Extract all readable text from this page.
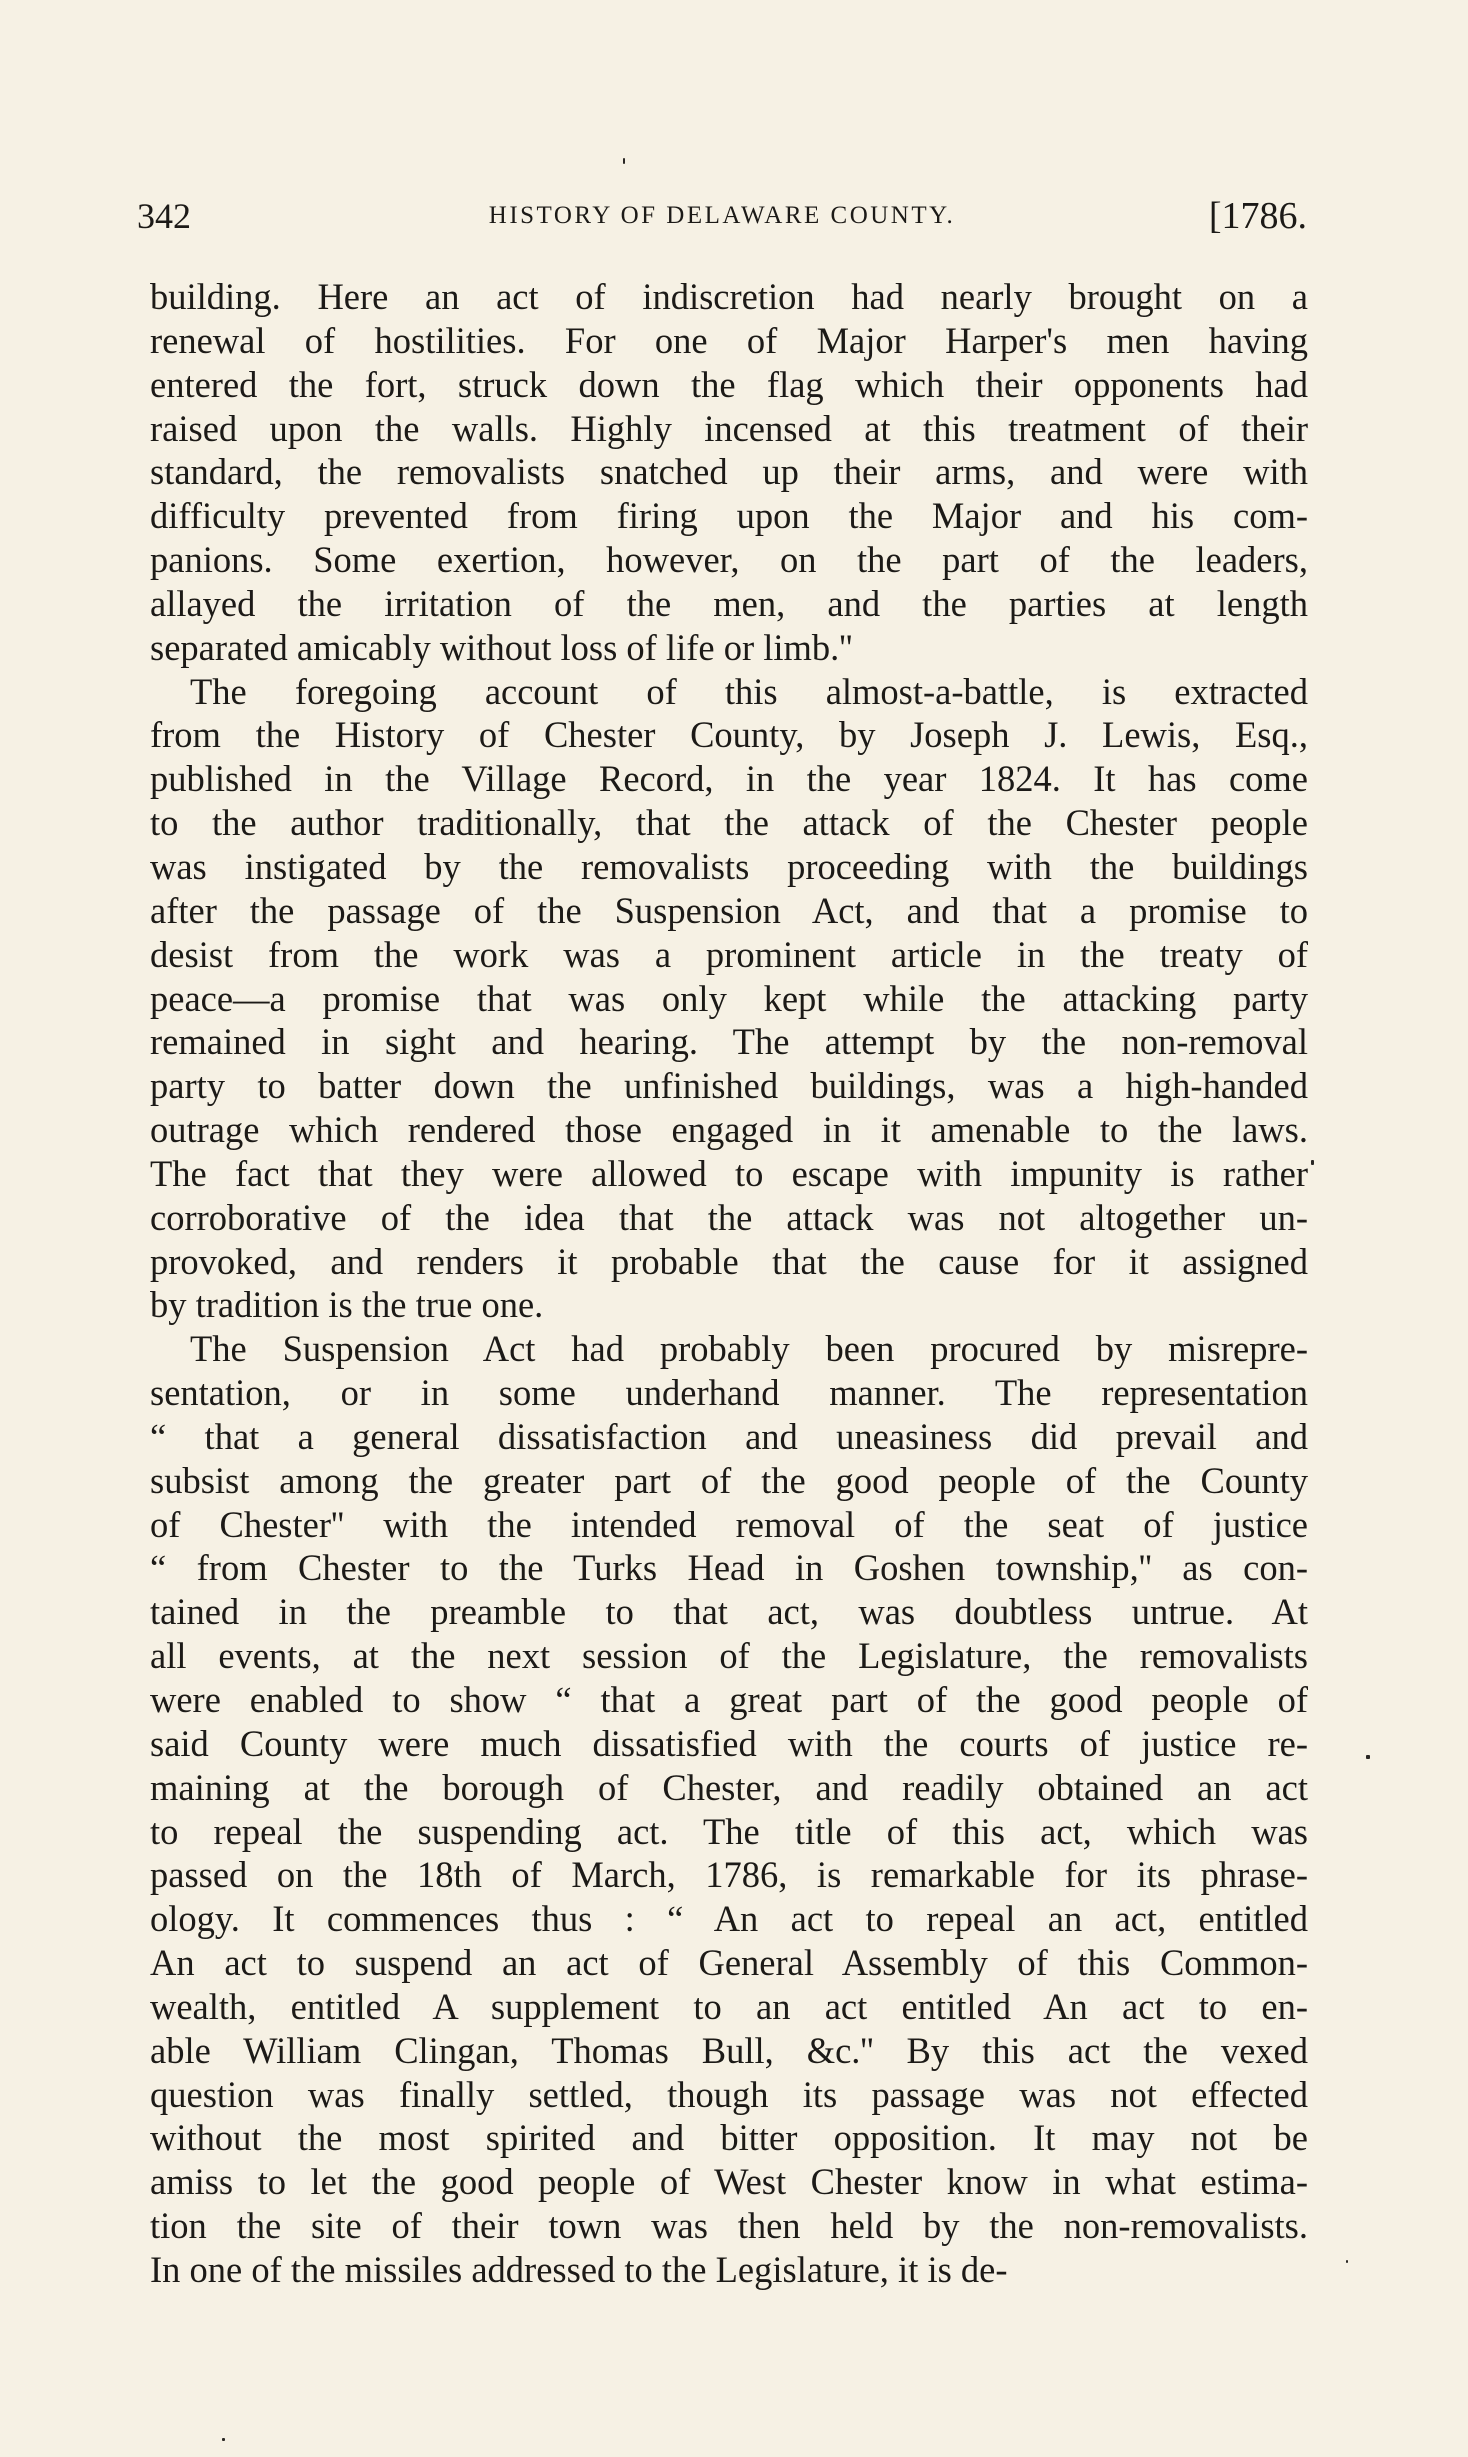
342	HISTORY OF DELAWARE COUNTY.	[1786.
building. Here an act of indiscretion had nearly brought on a
renewal of hostilities. For one of Major Harper's men having
entered the fort, struck down the flag which their opponents had
raised upon the walls. Highly incensed at this treatment of their
standard, the removalists snatched up their arms, and were with
difficulty prevented from firing upon the Major and his com-
panions. Some exertion, however, on the part of the leaders,
allayed the irritation of the men, and the parties at length
separated amicably without loss of life or limb.''
The foregoing account of this almost-a-battle, is extracted
from the History of Chester County, by Joseph J. Lewis, Esq.,
published in the Village Record, in the year 1824. It has come
to the author traditionally, that the attack of the Chester people
was instigated by the removalists proceeding with the buildings
after the passage of the Suspension Act, and that a promise to
desist from the work was a prominent article in the treaty of
peace—a promise that was only kept while the attacking party
remained in sight and hearing. The attempt by the non-removal
party to batter down the unfinished buildings, was a high-handed
outrage which rendered those engaged in it amenable to the laws.
The fact that they were allowed to escape with impunity is rather
corroborative of the idea that the attack was not altogether un-
provoked, and renders it probable that the cause for it assigned
by tradition is the true one.
The Suspension Act had probably been procured by misrepre-
sentation, or in some underhand manner. The representation
“ that a general dissatisfaction and uneasiness did prevail and
subsist among the greater part of the good people of the County
of Chester'' with the intended removal of the seat of justice
“ from Chester to the Turks Head in Goshen township,'' as con-
tained in the preamble to that act, was doubtless untrue. At
all events, at the next session of the Legislature, the removalists
were enabled to show “ that a great part of the good people of
said County were much dissatisfied with the courts of justice re-
maining at the borough of Chester, and readily obtained an act
to repeal the suspending act. The title of this act, which was
passed on the 18th of March, 1786, is remarkable for its phrase-
ology. It commences thus : “ An act to repeal an act, entitled
An act to suspend an act of General Assembly of this Common-
wealth, entitled A supplement to an act entitled An act to en-
able William Clingan, Thomas Bull, &c.'' By this act the vexed
question was finally settled, though its passage was not effected
without the most spirited and bitter opposition. It may not be
amiss to let the good people of West Chester know in what estima-
tion the site of their town was then held by the non-removalists.
In one of the missiles addressed to the Legislature, it is de-
